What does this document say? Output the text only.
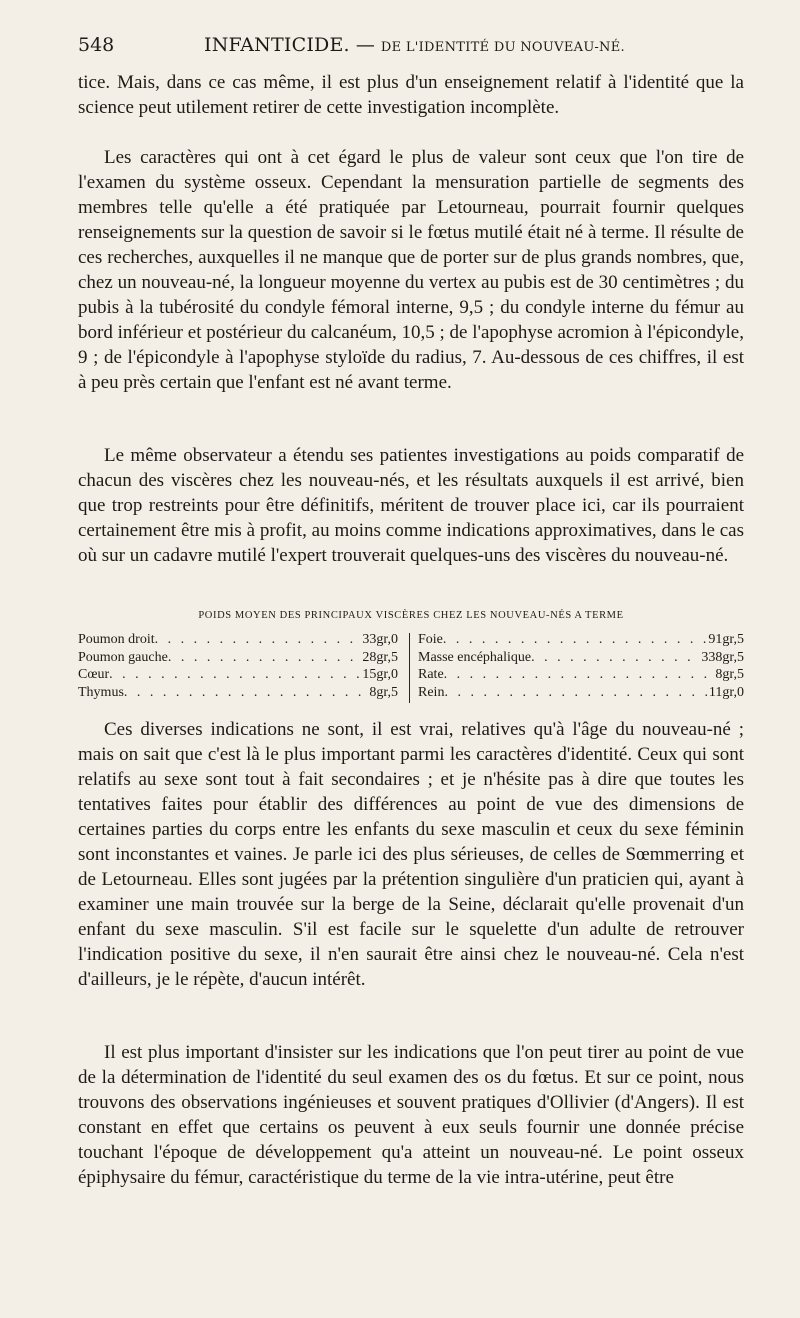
548	INFANTICIDE. — DE L'IDENTITÉ DU NOUVEAU-NÉ.

tice. Mais, dans ce cas même, il est plus d'un enseignement relatif à l'identité que la science peut utilement retirer de cette investigation incomplète.

Les caractères qui ont à cet égard le plus de valeur sont ceux que l'on tire de l'examen du système osseux. Cependant la mensuration partielle de segments des membres telle qu'elle a été pratiquée par Letourneau, pourrait fournir quelques renseignements sur la question de savoir si le fœtus mutilé était né à terme. Il résulte de ces recherches, auxquelles il ne manque que de porter sur de plus grands nombres, que, chez un nouveau-né, la longueur moyenne du vertex au pubis est de 30 centimètres ; du pubis à la tubérosité du condyle fémoral interne, 9,5 ; du condyle interne du fémur au bord inférieur et postérieur du calcanéum, 10,5 ; de l'apophyse acromion à l'épicondyle, 9 ; de l'épicondyle à l'apophyse styloïde du radius, 7. Au-dessous de ces chiffres, il est à peu près certain que l'enfant est né avant terme.

Le même observateur a étendu ses patientes investigations au poids comparatif de chacun des viscères chez les nouveau-nés, et les résultats auxquels il est arrivé, bien que trop restreints pour être définitifs, méritent de trouver place ici, car ils pourraient certainement être mis à profit, au moins comme indications approximatives, dans le cas où sur un cadavre mutilé l'expert trouverait quelques-uns des viscères du nouveau-né.

POIDS MOYEN DES PRINCIPAUX VISCÈRES CHEZ LES NOUVEAU-NÉS A TERME
Poumon droit . . .	33gr,0
Poumon gauche . . .	28gr,5
Cœur . . .	15gr,0
Thymus . . .	8gr,5
Foie . . .	91gr,5
Masse encéphalique . . .	338gr,5
Rate . . .	8gr,5
Rein . . .	11gr,0

Ces diverses indications ne sont, il est vrai, relatives qu'à l'âge du nouveau-né ; mais on sait que c'est là le plus important parmi les caractères d'identité. Ceux qui sont relatifs au sexe sont tout à fait secondaires ; et je n'hésite pas à dire que toutes les tentatives faites pour établir des différences au point de vue des dimensions de certaines parties du corps entre les enfants du sexe masculin et ceux du sexe féminin sont inconstantes et vaines. Je parle ici des plus sérieuses, de celles de Sœmmerring et de Letourneau. Elles sont jugées par la prétention singulière d'un praticien qui, ayant à examiner une main trouvée sur la berge de la Seine, déclarait qu'elle provenait d'un enfant du sexe masculin. S'il est facile sur le squelette d'un adulte de retrouver l'indication positive du sexe, il n'en saurait être ainsi chez le nouveau-né. Cela n'est d'ailleurs, je le répète, d'aucun intérêt.

Il est plus important d'insister sur les indications que l'on peut tirer au point de vue de la détermination de l'identité du seul examen des os du fœtus. Et sur ce point, nous trouvons des observations ingénieuses et souvent pratiques d'Ollivier (d'Angers). Il est constant en effet que certains os peuvent à eux seuls fournir une donnée précise touchant l'époque de développement qu'a atteint un nouveau-né. Le point osseux épiphysaire du fémur, caractéristique du terme de la vie intra-utérine, peut être
